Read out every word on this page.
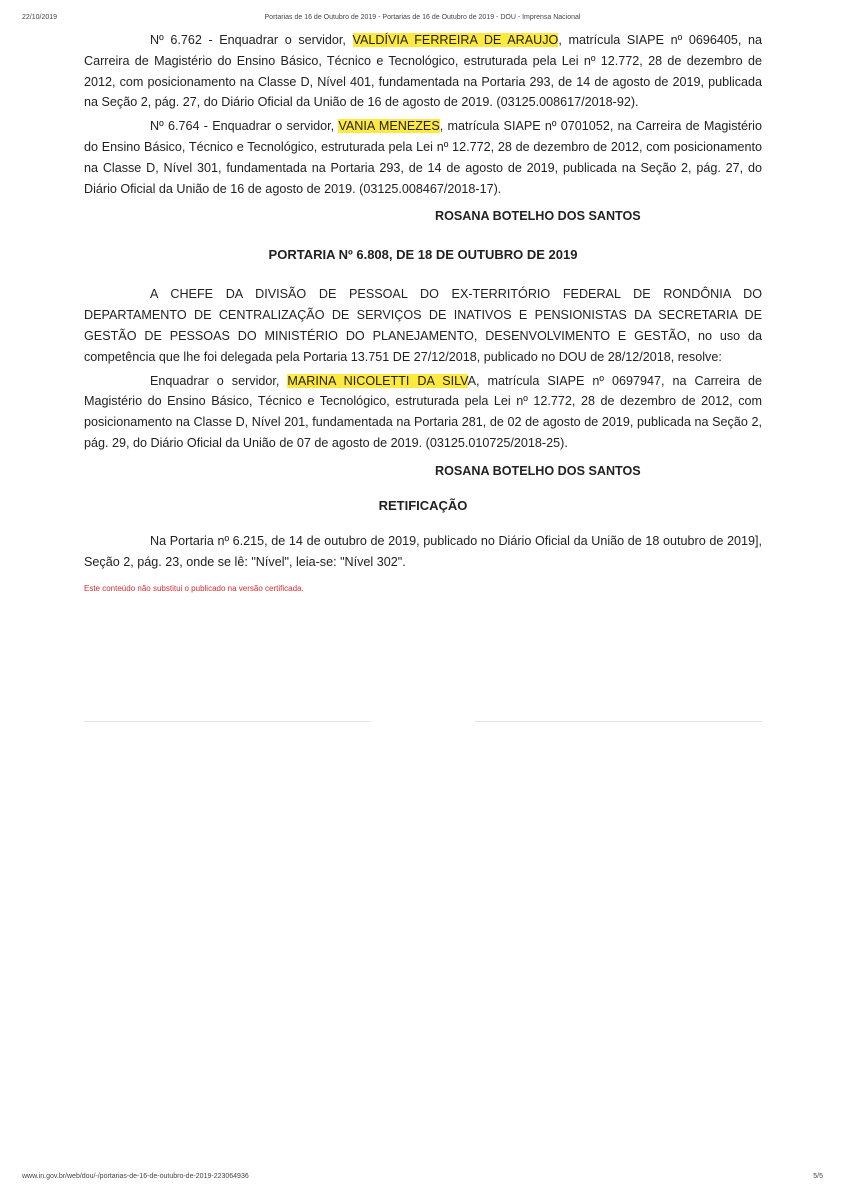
22/10/2019	Portarias de 16 de Outubro de 2019 - Portarias de 16 de Outubro de 2019 - DOU - Imprensa Nacional

Nº 6.762 - Enquadrar o servidor, VALDÍVIA FERREIRA DE ARAUJO, matrícula SIAPE nº 0696405, na Carreira de Magistério do Ensino Básico, Técnico e Tecnológico, estruturada pela Lei nº 12.772, 28 de dezembro de 2012, com posicionamento na Classe D, Nível 401, fundamentada na Portaria 293, de 14 de agosto de 2019, publicada na Seção 2, pág. 27, do Diário Oficial da União de 16 de agosto de 2019. (03125.008617/2018-92).

Nº 6.764 - Enquadrar o servidor, VANIA MENEZES, matrícula SIAPE nº 0701052, na Carreira de Magistério do Ensino Básico, Técnico e Tecnológico, estruturada pela Lei nº 12.772, 28 de dezembro de 2012, com posicionamento na Classe D, Nível 301, fundamentada na Portaria 293, de 14 de agosto de 2019, publicada na Seção 2, pág. 27, do Diário Oficial da União de 16 de agosto de 2019. (03125.008467/2018-17).

ROSANA BOTELHO DOS SANTOS

PORTARIA Nº 6.808, DE 18 DE OUTUBRO DE 2019

A CHEFE DA DIVISÃO DE PESSOAL DO EX-TERRITÓRIO FEDERAL DE RONDÔNIA DO DEPARTAMENTO DE CENTRALIZAÇÃO DE SERVIÇOS DE INATIVOS E PENSIONISTAS DA SECRETARIA DE GESTÃO DE PESSOAS DO MINISTÉRIO DO PLANEJAMENTO, DESENVOLVIMENTO E GESTÃO, no uso da competência que lhe foi delegada pela Portaria 13.751 DE 27/12/2018, publicado no DOU de 28/12/2018, resolve:

Enquadrar o servidor, MARINA NICOLETTI DA SILVA, matrícula SIAPE nº 0697947, na Carreira de Magistério do Ensino Básico, Técnico e Tecnológico, estruturada pela Lei nº 12.772, 28 de dezembro de 2012, com posicionamento na Classe D, Nível 201, fundamentada na Portaria 281, de 02 de agosto de 2019, publicada na Seção 2, pág. 29, do Diário Oficial da União de 07 de agosto de 2019. (03125.010725/2018-25).

ROSANA BOTELHO DOS SANTOS

RETIFICAÇÃO

Na Portaria nº 6.215, de 14 de outubro de 2019, publicado no Diário Oficial da União de 18 outubro de 2019], Seção 2, pág. 23, onde se lê: "Nível", leia-se: "Nível 302".

Este conteúdo não substitui o publicado na versão certificada.

www.in.gov.br/web/dou/-/portarias-de-16-de-outubro-de-2019-223064936	5/5
